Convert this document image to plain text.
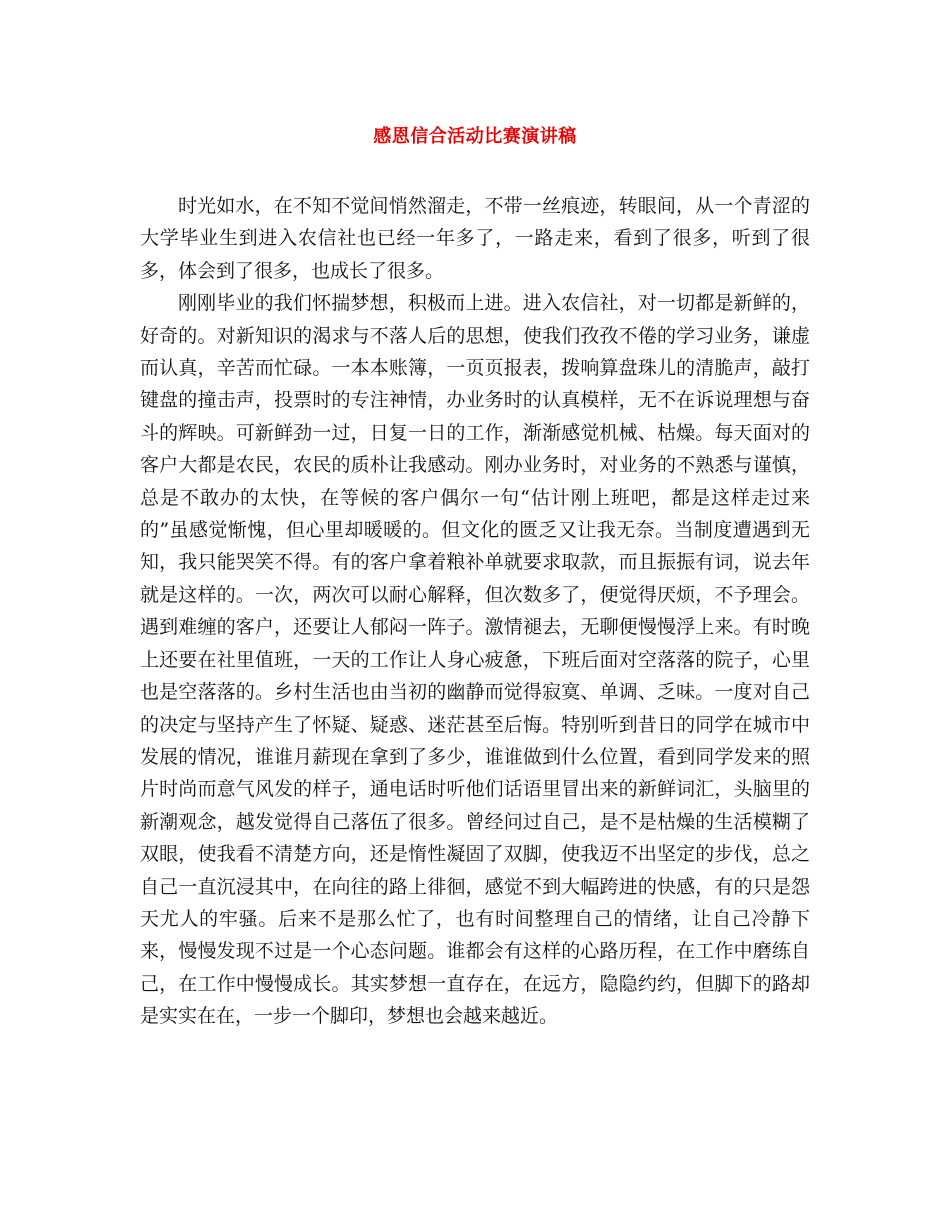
感恩信合活动比赛演讲稿

时光如水，在不知不觉间悄然溜走，不带一丝痕迹，转眼间，从一个青涩的大学毕业生到进入农信社也已经一年多了，一路走来，看到了很多，听到了很多，体会到了很多，也成长了很多。

刚刚毕业的我们怀揣梦想，积极而上进。进入农信社，对一切都是新鲜的，好奇的。对新知识的渴求与不落人后的思想，使我们孜孜不倦的学习业务，谦虚而认真，辛苦而忙碌。一本本账簿，一页页报表，拨响算盘珠儿的清脆声，敲打键盘的撞击声，投票时的专注神情，办业务时的认真模样，无不在诉说理想与奋斗的辉映。可新鲜劲一过，日复一日的工作，渐渐感觉机械、枯燥。每天面对的客户大都是农民，农民的质朴让我感动。刚办业务时，对业务的不熟悉与谨慎，总是不敢办的太快，在等候的客户偶尔一句“估计刚上班吧，都是这样走过来的”虽感觉惭愧，但心里却暖暖的。但文化的匮乏又让我无奈。当制度遭遇到无知，我只能哭笑不得。有的客户拿着粮补单就要求取款，而且振振有词，说去年就是这样的。一次，两次可以耐心解释，但次数多了，便觉得厌烦，不予理会。遇到难缠的客户，还要让人郁闷一阵子。激情褪去，无聊便慢慢浮上来。有时晚上还要在社里值班，一天的工作让人身心疲惫，下班后面对空落落的院子，心里也是空落落的。乡村生活也由当初的幽静而觉得寂寞、单调、乏味。一度对自己的决定与坚持产生了怀疑、疑惑、迷茫甚至后悔。特别听到昔日的同学在城市中发展的情况，谁谁月薪现在拿到了多少，谁谁做到什么位置，看到同学发来的照片时尚而意气风发的样子，通电话时听他们话语里冒出来的新鲜词汇，头脑里的新潮观念，越发觉得自己落伍了很多。曾经问过自己，是不是枯燥的生活模糊了双眼，使我看不清楚方向，还是惰性凝固了双脚，使我迈不出坚定的步伐，总之自己一直沉浸其中，在向往的路上徘徊，感觉不到大幅跨进的快感，有的只是怨天尤人的牢骚。后来不是那么忙了，也有时间整理自己的情绪，让自己冷静下来，慢慢发现不过是一个心态问题。谁都会有这样的心路历程，在工作中磨练自己，在工作中慢慢成长。其实梦想一直存在，在远方，隐隐约约，但脚下的路却是实实在在，一步一个脚印，梦想也会越来越近。
